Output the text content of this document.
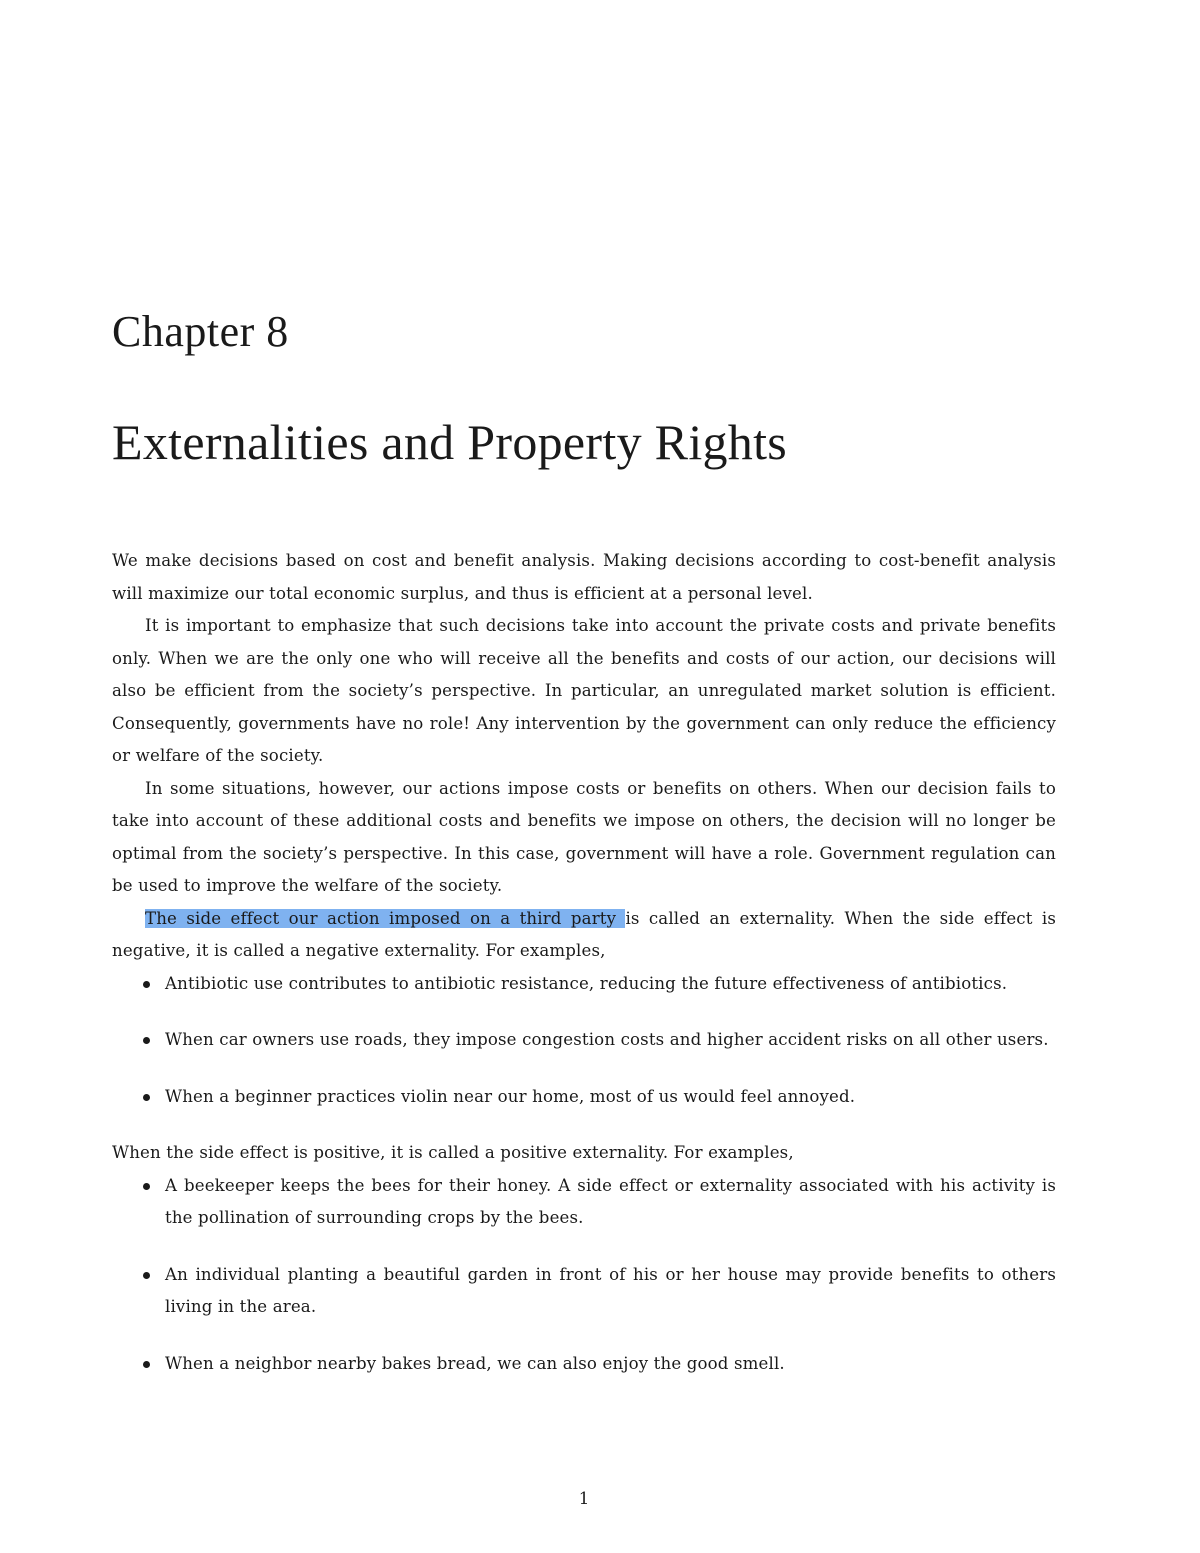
Chapter 8
Externalities and Property Rights

We make decisions based on cost and benefit analysis. Making decisions according to cost-benefit analysis will maximize our total economic surplus, and thus is efficient at a personal level.

It is important to emphasize that such decisions take into account the private costs and private benefits only. When we are the only one who will receive all the benefits and costs of our action, our decisions will also be efficient from the society’s perspective. In particular, an unregulated market solution is efficient. Consequently, governments have no role! Any intervention by the government can only reduce the efficiency or welfare of the society.

In some situations, however, our actions impose costs or benefits on others. When our decision fails to take into account of these additional costs and benefits we impose on others, the decision will no longer be optimal from the society’s perspective. In this case, government will have a role. Government regulation can be used to improve the welfare of the society.

The side effect our action imposed on a third party is called an externality. When the side effect is negative, it is called a negative externality. For examples,

Antibiotic use contributes to antibiotic resistance, reducing the future effectiveness of antibiotics.
When car owners use roads, they impose congestion costs and higher accident risks on all other users.
When a beginner practices violin near our home, most of us would feel annoyed.

When the side effect is positive, it is called a positive externality. For examples,

A beekeeper keeps the bees for their honey. A side effect or externality associated with his activity is the pollination of surrounding crops by the bees.
An individual planting a beautiful garden in front of his or her house may provide benefits to others living in the area.
When a neighbor nearby bakes bread, we can also enjoy the good smell.
1
